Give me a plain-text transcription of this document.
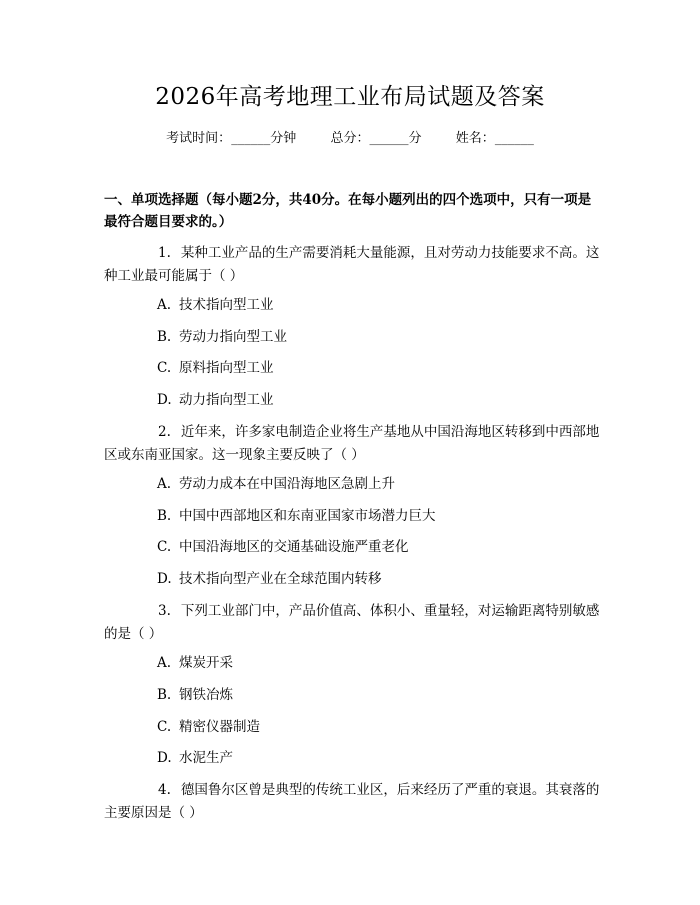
2026年高考地理工业布局试题及答案
考试时间：______分钟	总分：______分	姓名：______
一、单项选择题（每小题2分，共40分。在每小题列出的四个选项中，只有一项是最符合题目要求的。）
1. 某种工业产品的生产需要消耗大量能源，且对劳动力技能要求不高。这种工业最可能属于（ ）
A. 技术指向型工业
B. 劳动力指向型工业
C. 原料指向型工业
D. 动力指向型工业
2. 近年来，许多家电制造企业将生产基地从中国沿海地区转移到中西部地区或东南亚国家。这一现象主要反映了（ ）
A. 劳动力成本在中国沿海地区急剧上升
B. 中国中西部地区和东南亚国家市场潜力巨大
C. 中国沿海地区的交通基础设施严重老化
D. 技术指向型产业在全球范围内转移
3. 下列工业部门中，产品价值高、体积小、重量轻，对运输距离特别敏感的是（ ）
A. 煤炭开采
B. 钢铁冶炼
C. 精密仪器制造
D. 水泥生产
4. 德国鲁尔区曾是典型的传统工业区，后来经历了严重的衰退。其衰落的主要原因是（ ）
